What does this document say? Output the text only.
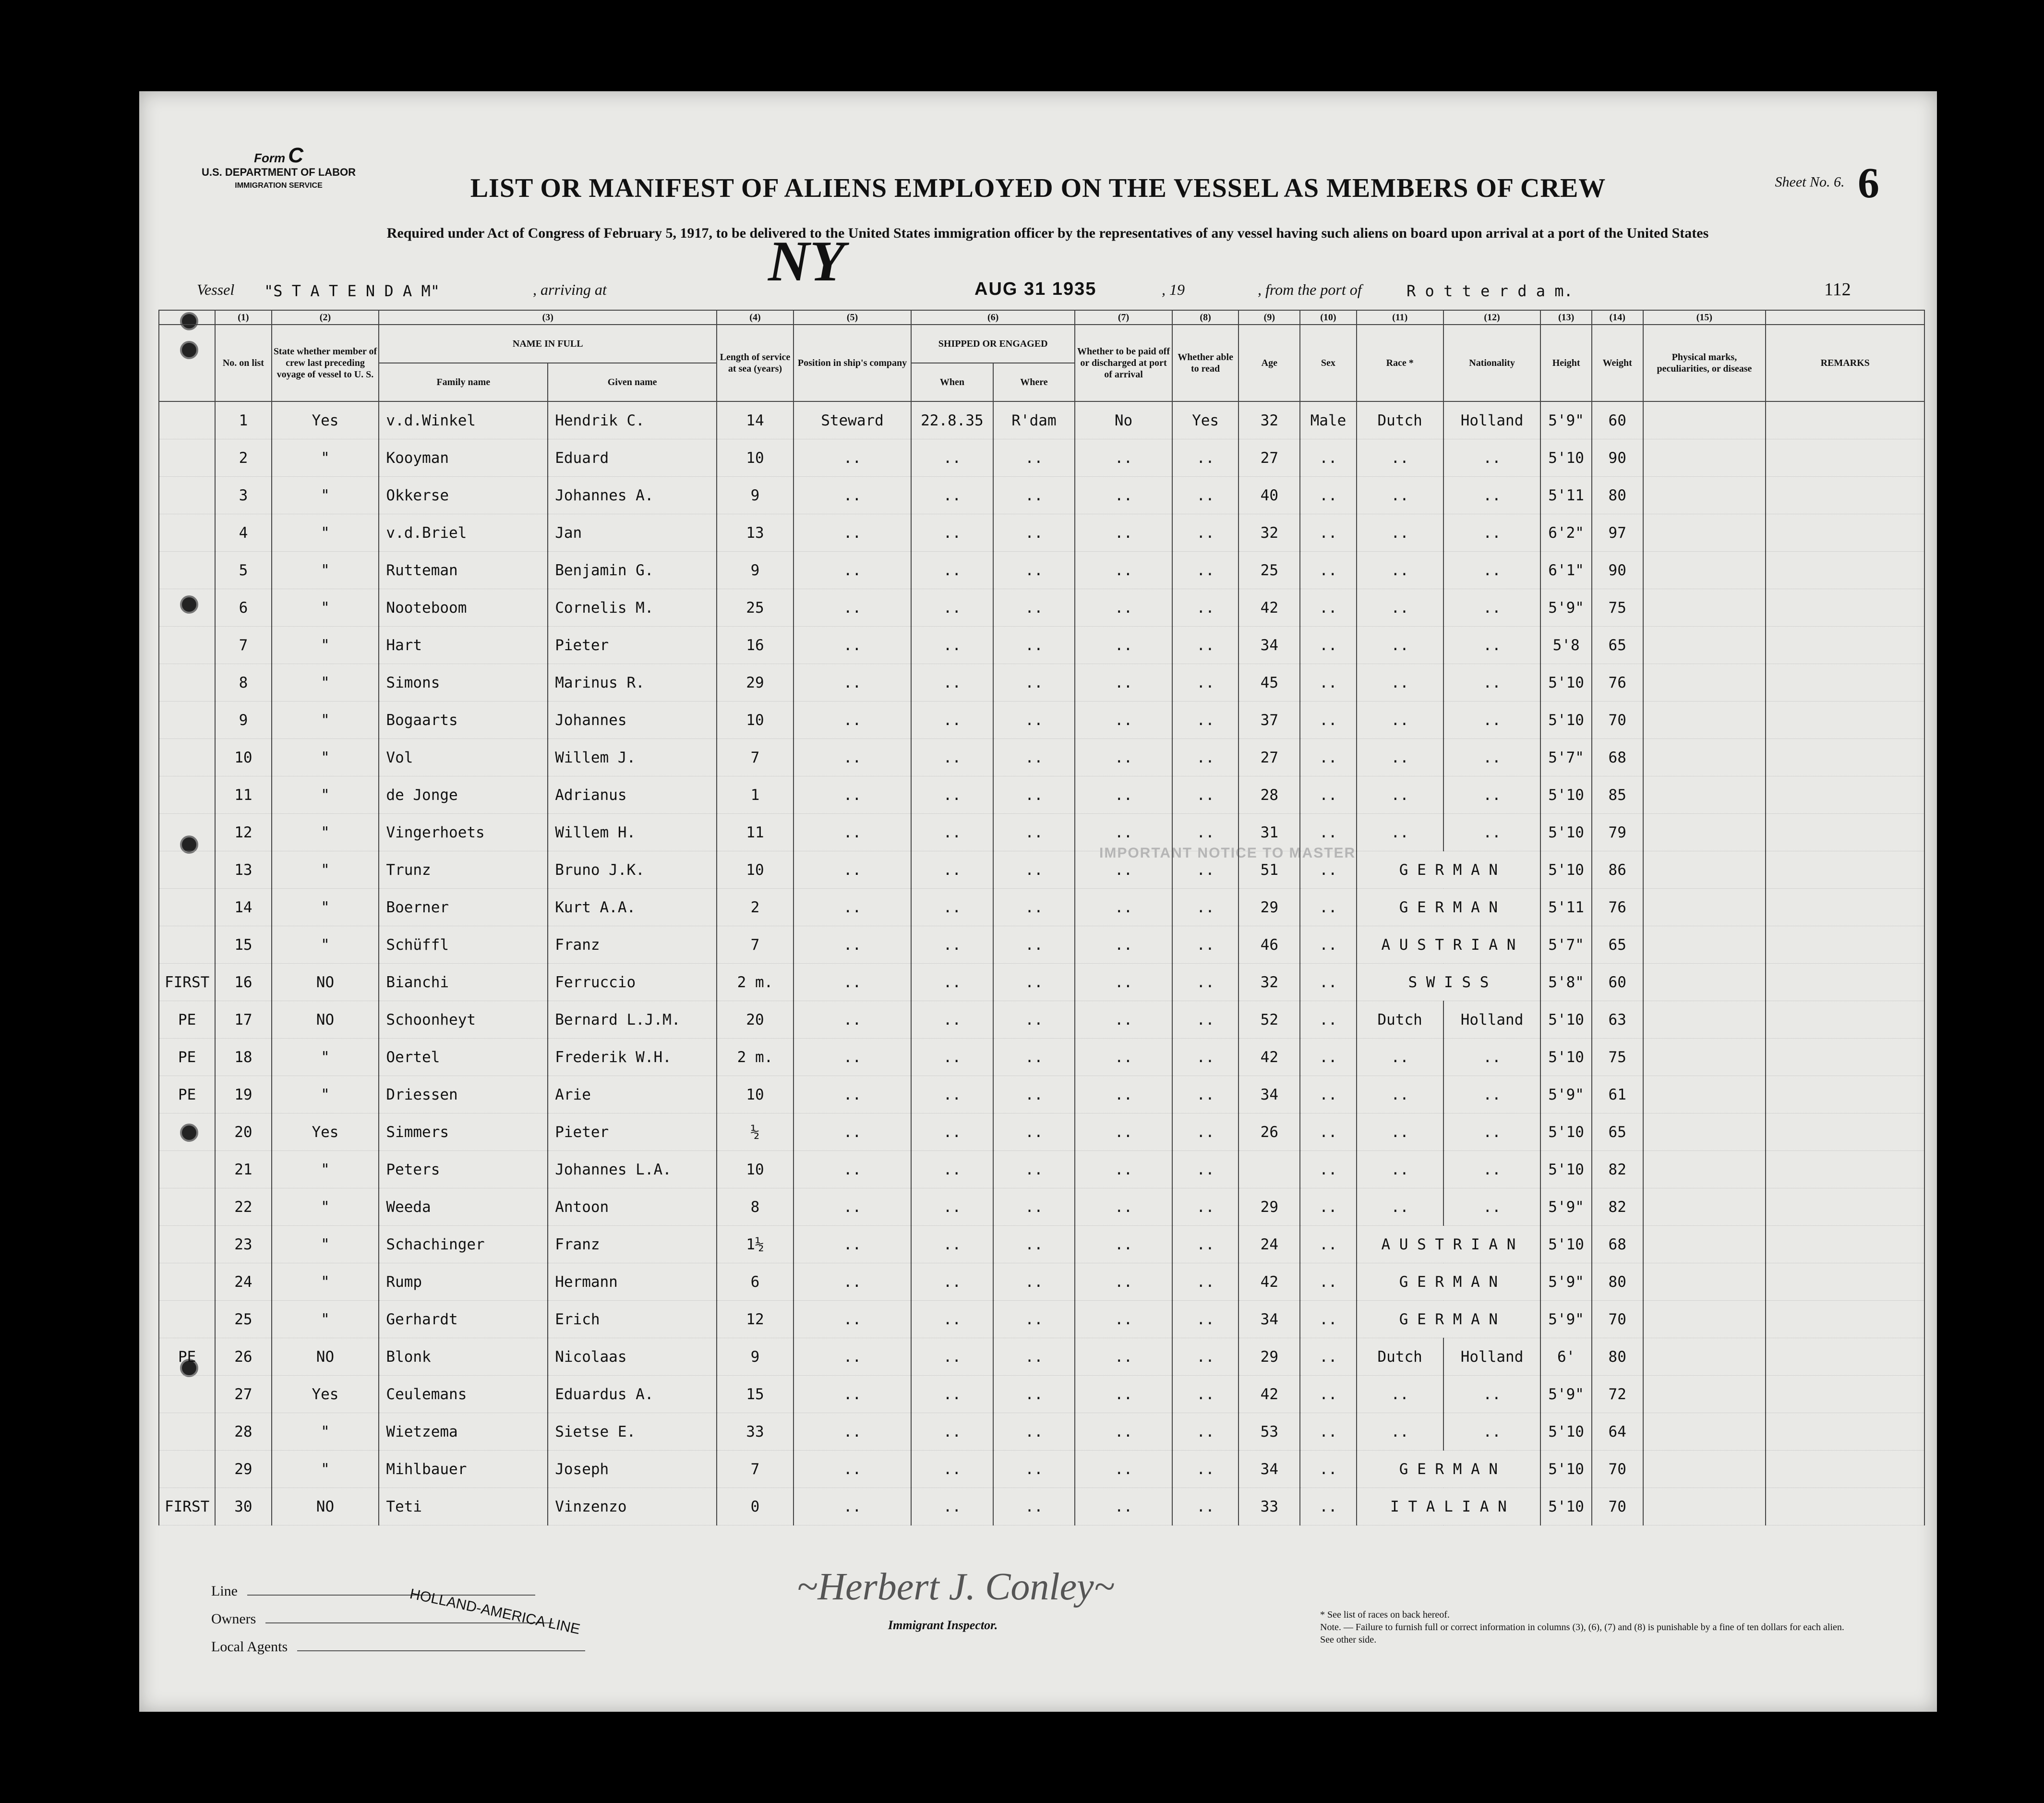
Form C
U.S. DEPARTMENT OF LABOR
IMMIGRATION SERVICE	Sheet No. 6. 6
LIST OR MANIFEST OF ALIENS EMPLOYED ON THE VESSEL AS MEMBERS OF CREW
Required under Act of Congress of February 5, 1917, to be delivered to the United States immigration officer by the representatives of any vessel having such aliens on board upon arrival at a port of the United States
Vessel "S T A T E N D A M"	, arriving at	NY	AUG 31 1935	, 19	, from the port of	R o t t e r d a m.	112
IMPORTANT NOTICE TO MASTER
	(1)	(2)	(3)		(4)	(5)	(6)		(7)	(8)	(9)	(10)	(11)	(12)	(13)	(14)	(15)	
	No. on list	State whether member of crew last preceding voyage of vessel to U. S.	NAME IN FULL		Length of service at sea (years)	Position in ship's company	SHIPPED OR ENGAGED		Whether to be paid off or discharged at port of arrival	Whether able to read	Age	Sex	Race *	Nationality	Height	Weight	Physical marks, peculiarities, or disease	REMARKS
			Family name	Given name			When	Where										
	1	Yes	v.d.Winkel	Hendrik C.	14	Steward	22.8.35	R'dam	No	Yes	32	Male	Dutch	Holland	5'9"	60		
	2	"	Kooyman	Eduard	10	..	..	..	..	..	27	..	..	..	5'10	90		
	3	"	Okkerse	Johannes A.	9	..	..	..	..	..	40	..	..	..	5'11	80		
	4	"	v.d.Briel	Jan	13	..	..	..	..	..	32	..	..	..	6'2"	97		
	5	"	Rutteman	Benjamin G.	9	..	..	..	..	..	25	..	..	..	6'1"	90		
	6	"	Nooteboom	Cornelis M.	25	..	..	..	..	..	42	..	..	..	5'9"	75		
	7	"	Hart	Pieter	16	..	..	..	..	..	34	..	..	..	5'8	65		
	8	"	Simons	Marinus R.	29	..	..	..	..	..	45	..	..	..	5'10	76		
	9	"	Bogaarts	Johannes	10	..	..	..	..	..	37	..	..	..	5'10	70		
	10	"	Vol	Willem J.	7	..	..	..	..	..	27	..	..	..	5'7"	68		
	11	"	de Jonge	Adrianus	1	..	..	..	..	..	28	..	..	..	5'10	85		
	12	"	Vingerhoets	Willem H.	11	..	..	..	..	..	31	..	..	..	5'10	79		
	13	"	Trunz	Bruno J.K.	10	..	..	..	..	..	51	..	G E R M A N		5'10	86		
	14	"	Boerner	Kurt A.A.	2	..	..	..	..	..	29	..	G E R M A N		5'11	76		
	15	"	Schüffl	Franz	7	..	..	..	..	..	46	..	A U S T R I A N		5'7"	65		
FIRST	16	NO	Bianchi	Ferruccio	2 m.	..	..	..	..	..	32	..	S W I S S		5'8"	60		
PE	17	NO	Schoonheyt	Bernard L.J.M.	20	..	..	..	..	..	52	..	Dutch	Holland	5'10	63		
PE	18	"	Oertel	Frederik W.H.	2 m.	..	..	..	..	..	42	..	..	..	5'10	75		
PE	19	"	Driessen	Arie	10	..	..	..	..	..	34	..	..	..	5'9"	61		
	20	Yes	Simmers	Pieter	½	..	..	..	..	..	26	..	..	..	5'10	65		
	21	"	Peters	Johannes L.A.	10	..	..	..	..	..		..	..	..	5'10	82		
	22	"	Weeda	Antoon	8	..	..	..	..	..	29	..	..	..	5'9"	82		
	23	"	Schachinger	Franz	1½	..	..	..	..	..	24	..	A U S T R I A N		5'10	68		
	24	"	Rump	Hermann	6	..	..	..	..	..	42	..	G E R M A N		5'9"	80		
	25	"	Gerhardt	Erich	12	..	..	..	..	..	34	..	G E R M A N		5'9"	70		
PE	26	NO	Blonk	Nicolaas	9	..	..	..	..	..	29	..	Dutch	Holland	6'	80		
	27	Yes	Ceulemans	Eduardus A.	15	..	..	..	..	..	42	..	..	..	5'9"	72		
	28	"	Wietzema	Sietse E.	33	..	..	..	..	..	53	..	..	..	5'10	64		
	29	"	Mihlbauer	Joseph	7	..	..	..	..	..	34	..	G E R M A N		5'10	70		
FIRST	30	NO	Teti	Vinzenzo	0	..	..	..	..	..	33	..	I T A L I A N		5'10	70		
Line
Owners
Local Agents
HOLLAND-AMERICA LINE	~Herbert J. Conley~
Immigrant Inspector.
* See list of races on back hereof.
Note. — Failure to furnish full or correct information in columns (3), (6), (7) and (8) is punishable by a fine of ten dollars for each alien. See other side.
